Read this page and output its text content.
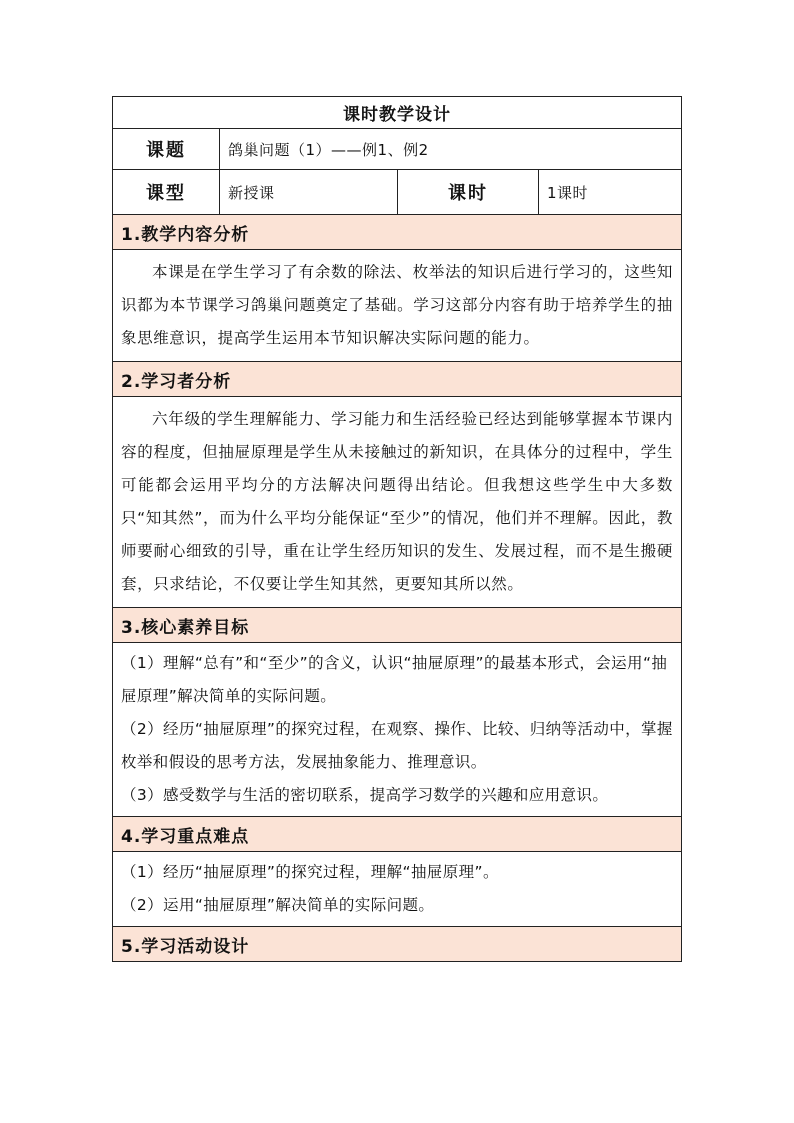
课时教学设计			
课题	鸽巢问题（1）——例1、例2		
课型	新授课	课时	1课时
1.教学内容分析			

本课是在学生学习了有余数的除法、枚举法的知识后进行学习的，这些知识都为本节课学习鸽巢问题奠定了基础。学习这部分内容有助于培养学生的抽象思维意识，提高学生运用本节知识解决实际问题的能力。			

2.学习者分析			

六年级的学生理解能力、学习能力和生活经验已经达到能够掌握本节课内容的程度，但抽屉原理是学生从未接触过的新知识，在具体分的过程中，学生可能都会运用平均分的方法解决问题得出结论。但我想这些学生中大多数只“知其然”，而为什么平均分能保证“至少”的情况，他们并不理解。因此，教师要耐心细致的引导，重在让学生经历知识的发生、发展过程，而不是生搬硬套，只求结论，不仅要让学生知其然，更要知其所以然。			

3.核心素养目标			

（1）理解“总有”和“至少”的含义，认识“抽屉原理”的最基本形式，会运用“抽屉原理”解决简单的实际问题。
（2）经历“抽屉原理”的探究过程，在观察、操作、比较、归纳等活动中，掌握枚举和假设的思考方法，发展抽象能力、推理意识。
（3）感受数学与生活的密切联系，提高学习数学的兴趣和应用意识。			

4.学习重点难点			

（1）经历“抽屉原理”的探究过程，理解“抽屉原理”。
（2）运用“抽屉原理”解决简单的实际问题。			

5.学习活动设计			
